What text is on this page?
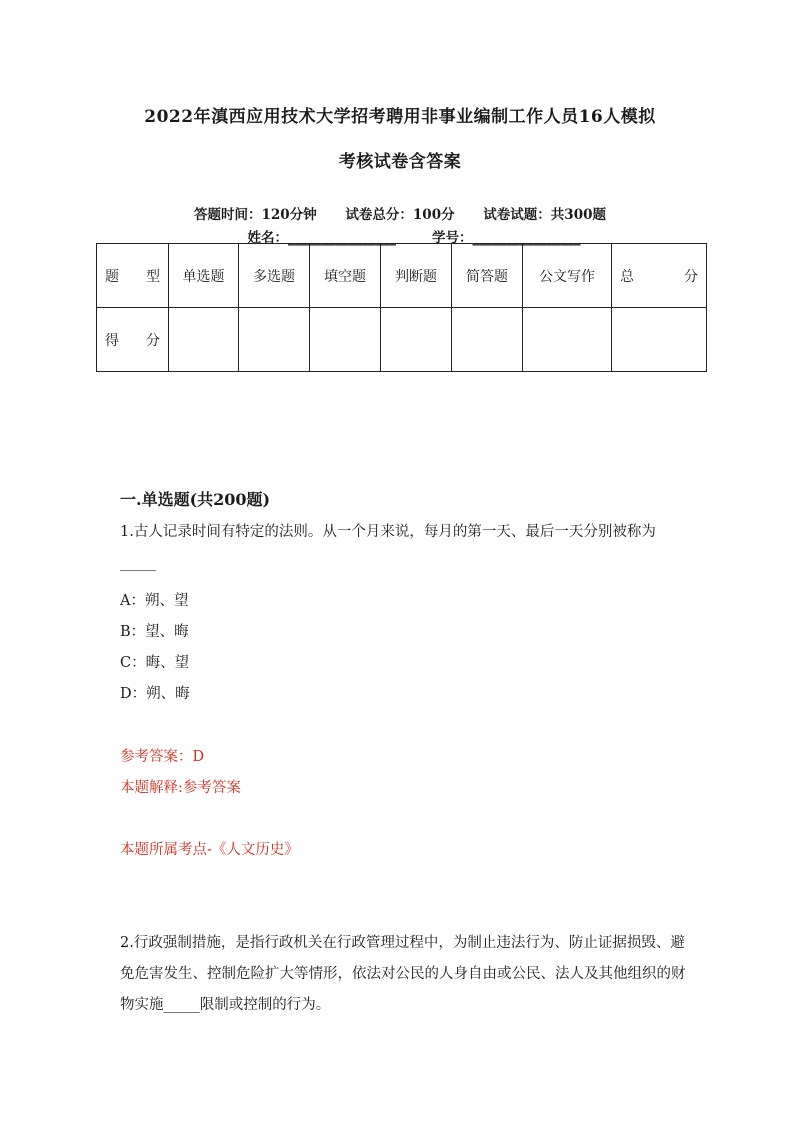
2022年滇西应用技术大学招考聘用非事业编制工作人员16人模拟
考核试卷含答案
答题时间：120分钟 试卷总分：100分 试卷试题：共300题
姓名：________________	学号：________________
题 型	单选题	多选题	填空题	判断题	简答题	公文写作	总 分

得 分							

一.单选题(共200题)
1.古人记录时间有特定的法则。从一个月来说，每月的第一天、最后一天分别被称为_____
A：朔、望
B：望、晦
C：晦、望
D：朔、晦
参考答案：D
本题解释:参考答案
本题所属考点-《人文历史》
2.行政强制措施，是指行政机关在行政管理过程中，为制止违法行为、防止证据损毁、避免危害发生、控制危险扩大等情形，依法对公民的人身自由或公民、法人及其他组织的财物实施_____限制或控制的行为。
